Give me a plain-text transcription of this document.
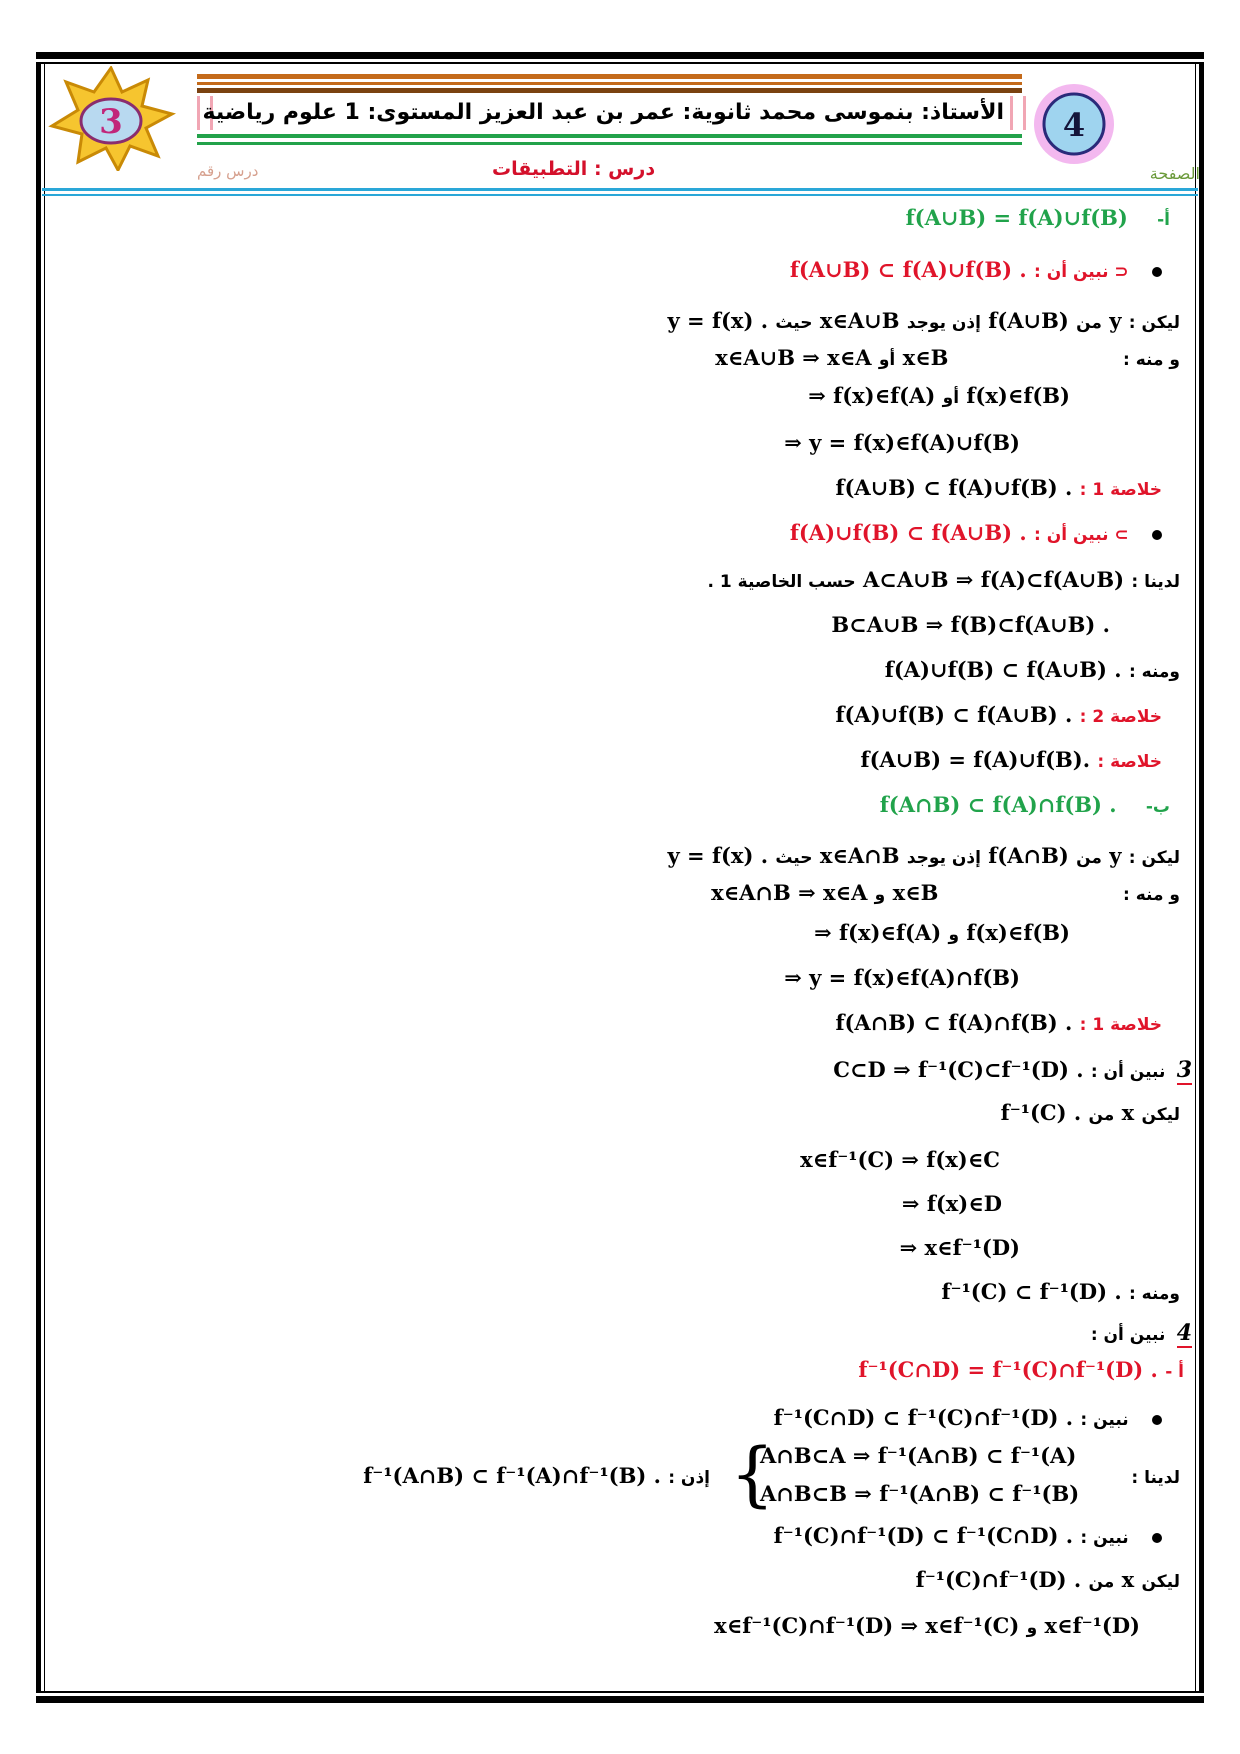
الأستاذ: بنموسى محمد ثانوية: عمر بن عبد العزيز المستوى: 1 علوم رياضية
3	4
درس رقم	درس : التطبيقات	الصفحة
أ-    f(A∪B) = f(A)∪f(B)
⊂ نبين أن : f(A∪B) ⊂ f(A)∪f(B) .
ليكن : y من f(A∪B) إذن يوجد x∈A∪B حيث y = f(x) .
و منه :  x∈B أو x∈A∪B ⇒ x∈A
f(x)∈f(B) أو ⇒ f(x)∈f(A)
⇒ y = f(x)∈f(A)∪f(B)
خلاصة 1 : f(A∪B) ⊂ f(A)∪f(B) .
⊃ نبين أن : f(A)∪f(B) ⊂ f(A∪B) .
لدينا : A⊂A∪B ⇒ f(A)⊂f(A∪B) حسب الخاصية 1 .
B⊂A∪B ⇒ f(B)⊂f(A∪B) .
ومنه : f(A)∪f(B) ⊂ f(A∪B) .
خلاصة 2 : f(A)∪f(B) ⊂ f(A∪B) .
خلاصة : f(A∪B) = f(A)∪f(B).
ب-    f(A∩B) ⊂ f(A)∩f(B) .
ليكن : y من f(A∩B) إذن يوجد x∈A∩B حيث y = f(x) .
و منه :  x∈B و x∈A∩B ⇒ x∈A
f(x)∈f(B) و ⇒ f(x)∈f(A)
⇒ y = f(x)∈f(A)∩f(B)
خلاصة 1 : f(A∩B) ⊂ f(A)∩f(B) .
3 نبين أن : C⊂D ⇒ f⁻¹(C)⊂f⁻¹(D) .
ليكن x من f⁻¹(C) .
x∈f⁻¹(C) ⇒ f(x)∈C
⇒ f(x)∈D
⇒ x∈f⁻¹(D)
ومنه : f⁻¹(C) ⊂ f⁻¹(D) .
4 نبين أن :
أ - f⁻¹(C∩D) = f⁻¹(C)∩f⁻¹(D) .
نبين : f⁻¹(C∩D) ⊂ f⁻¹(C)∩f⁻¹(D) .
لدينا :
{
A∩B⊂A ⇒ f⁻¹(A∩B) ⊂ f⁻¹(A)
A∩B⊂B ⇒ f⁻¹(A∩B) ⊂ f⁻¹(B)
إذن : f⁻¹(A∩B) ⊂ f⁻¹(A)∩f⁻¹(B) .
نبين : f⁻¹(C)∩f⁻¹(D) ⊂ f⁻¹(C∩D) .
ليكن x من f⁻¹(C)∩f⁻¹(D) .
x∈f⁻¹(D) و x∈f⁻¹(C)∩f⁻¹(D) ⇒ x∈f⁻¹(C)
